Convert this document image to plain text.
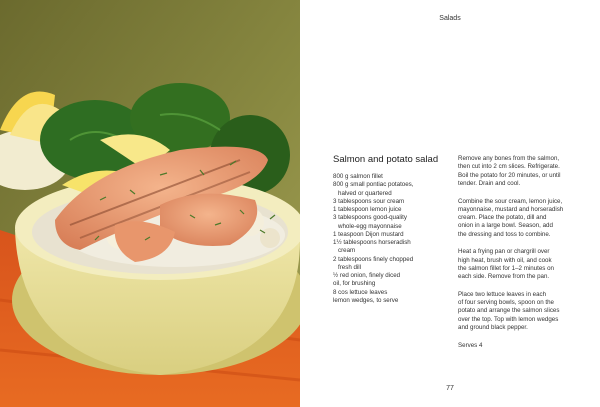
Salads
Salmon and potato salad
800 g salmon fillet
800 g small pontiac potatoes,
halved or quartered
3 tablespoons sour cream
1 tablespoon lemon juice
3 tablespoons good-quality
whole-egg mayonnaise
1 teaspoon Dijon mustard
1½ tablespoons horseradish
cream
2 tablespoons finely chopped
fresh dill
½ red onion, finely diced
oil, for brushing
8 cos lettuce leaves
lemon wedges, to serve

Remove any bones from the salmon,
then cut into 2 cm slices. Refrigerate.
Boil the potato for 20 minutes, or until
tender. Drain and cool.

Combine the sour cream, lemon juice,
mayonnaise, mustard and horseradish
cream. Place the potato, dill and
onion in a large bowl. Season, add
the dressing and toss to combine.

Heat a frying pan or chargrill over
high heat, brush with oil, and cook
the salmon fillet for 1–2 minutes on
each side. Remove from the pan.

Place two lettuce leaves in each
of four serving bowls, spoon on the
potato and arrange the salmon slices
over the top. Top with lemon wedges
and ground black pepper.

Serves 4

77
